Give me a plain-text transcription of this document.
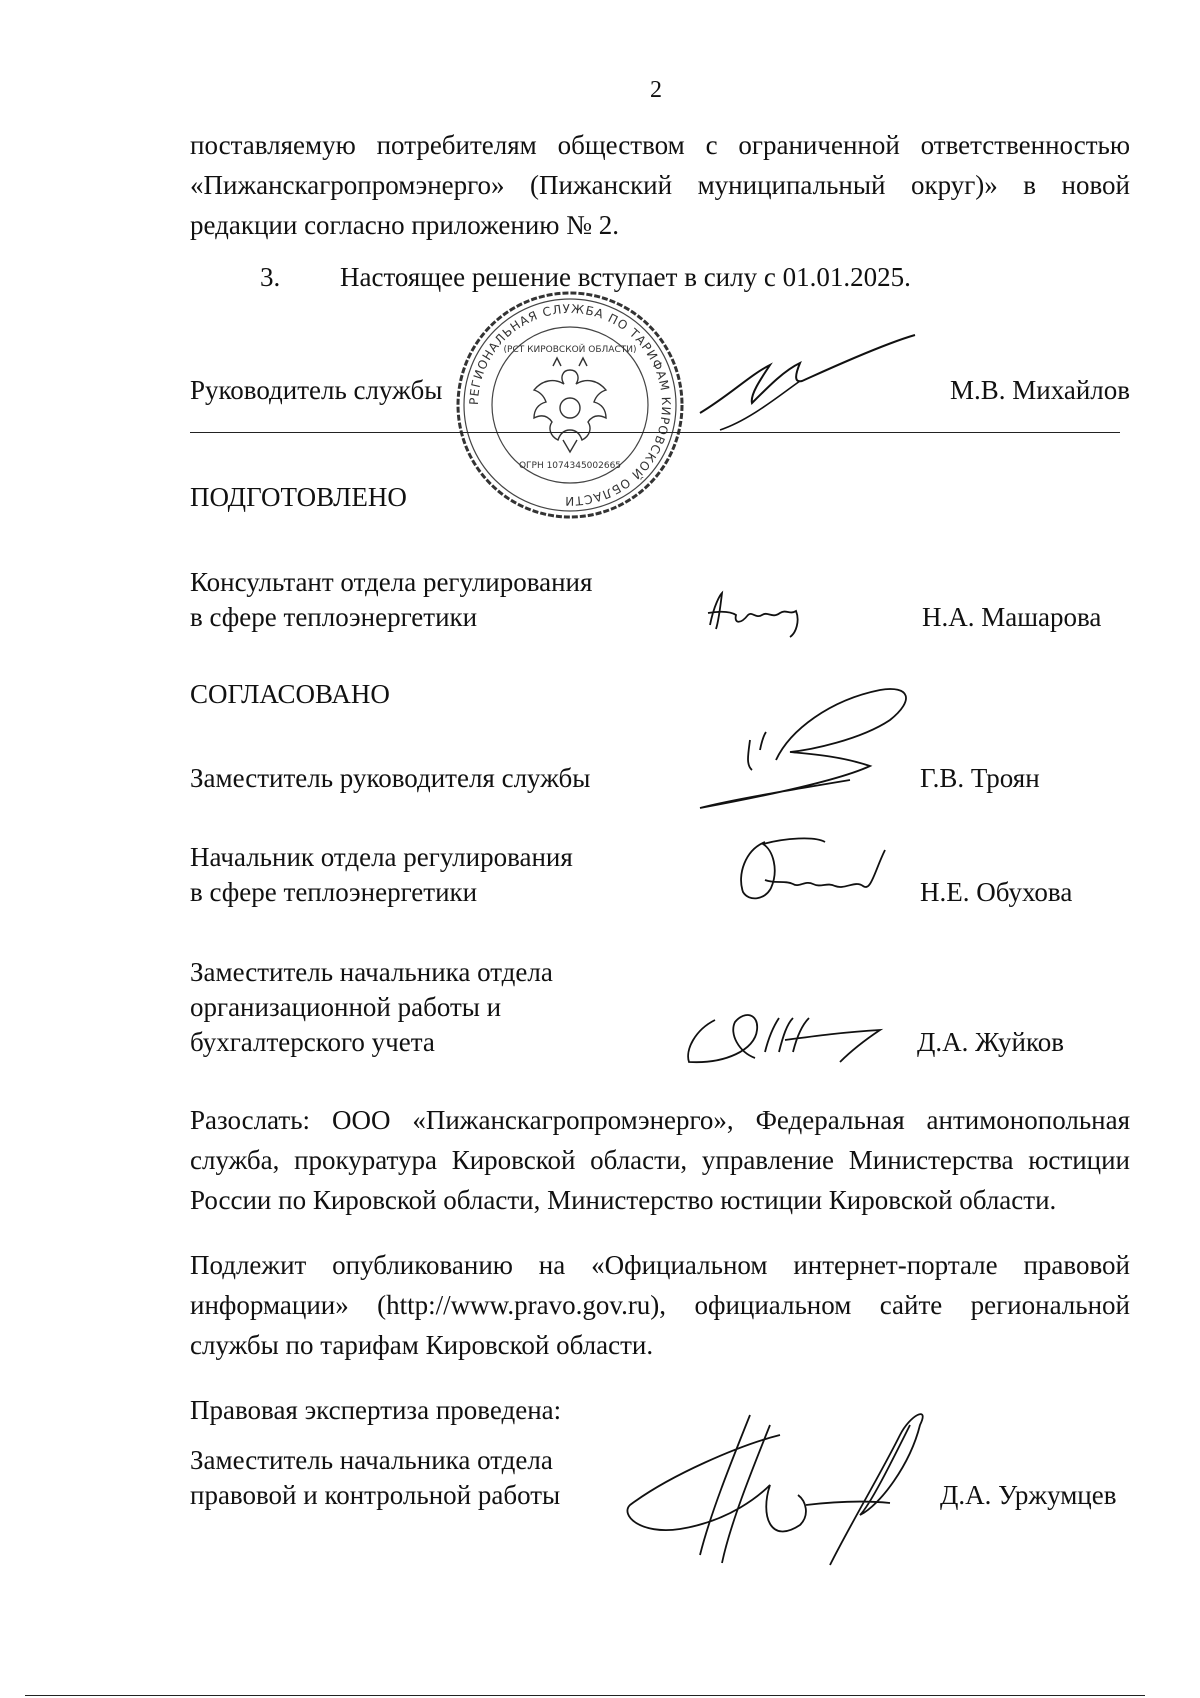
2
поставляемую потребителям обществом с ограниченной ответственностью
«Пижанскагропромэнерго» (Пижанский муниципальный округ)» в новой
редакции согласно приложению № 2.
3. Настоящее решение вступает в силу с 01.01.2025.
РЕГИОНАЛЬНАЯ СЛУЖБА ПО ТАРИФАМ КИРОВСКОЙ ОБЛАСТИ
(РСТ КИРОВСКОЙ ОБЛАСТИ)
ОГРН 1074345002665
Руководитель службы	М.В. Михайлов
ПОДГОТОВЛЕНО
Консультант отдела регулирования
в сфере теплоэнергетики	Н.А. Машарова
СОГЛАСОВАНО
Заместитель руководителя службы	Г.В. Троян
Начальник отдела регулирования
в сфере теплоэнергетики	Н.Е. Обухова
Заместитель начальника отдела
организационной работы и
бухгалтерского учета	Д.А. Жуйков
Разослать: ООО «Пижанскагропромэнерго», Федеральная антимонопольная
служба, прокуратура Кировской области, управление Министерства юстиции
России по Кировской области, Министерство юстиции Кировской области.
Подлежит опубликованию на «Официальном интернет-портале правовой
информации» (http://www.pravo.gov.ru), официальном сайте региональной
службы по тарифам Кировской области.
Правовая экспертиза проведена:
Заместитель начальника отдела
правовой и контрольной работы	Д.А. Уржумцев
